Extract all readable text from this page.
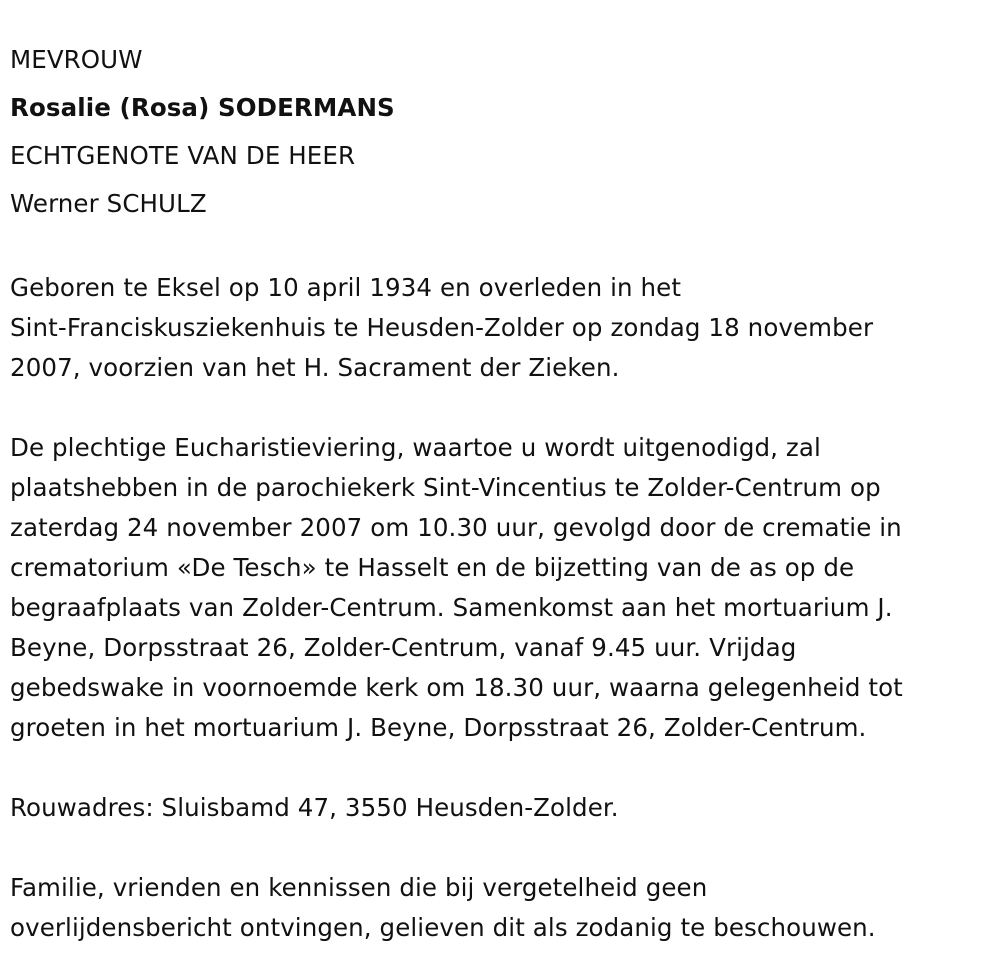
MEVROUW
Rosalie (Rosa) SODERMANS
ECHTGENOTE VAN DE HEER
Werner SCHULZ
Geboren te Eksel op 10 april 1934 en overleden in het
Sint-Franciskusziekenhuis te Heusden-Zolder op zondag 18 november
2007, voorzien van het H. Sacrament der Zieken.
De plechtige Eucharistieviering, waartoe u wordt uitgenodigd, zal
plaatshebben in de parochiekerk Sint-Vincentius te Zolder-Centrum op
zaterdag 24 november 2007 om 10.30 uur, gevolgd door de crematie in
crematorium «De Tesch» te Hasselt en de bijzetting van de as op de
begraafplaats van Zolder-Centrum. Samenkomst aan het mortuarium J.
Beyne, Dorpsstraat 26, Zolder-Centrum, vanaf 9.45 uur. Vrijdag
gebedswake in voornoemde kerk om 18.30 uur, waarna gelegenheid tot
groeten in het mortuarium J. Beyne, Dorpsstraat 26, Zolder-Centrum.
Rouwadres: Sluisbamd 47, 3550 Heusden-Zolder.
Familie, vrienden en kennissen die bij vergetelheid geen
overlijdensbericht ontvingen, gelieven dit als zodanig te beschouwen.
